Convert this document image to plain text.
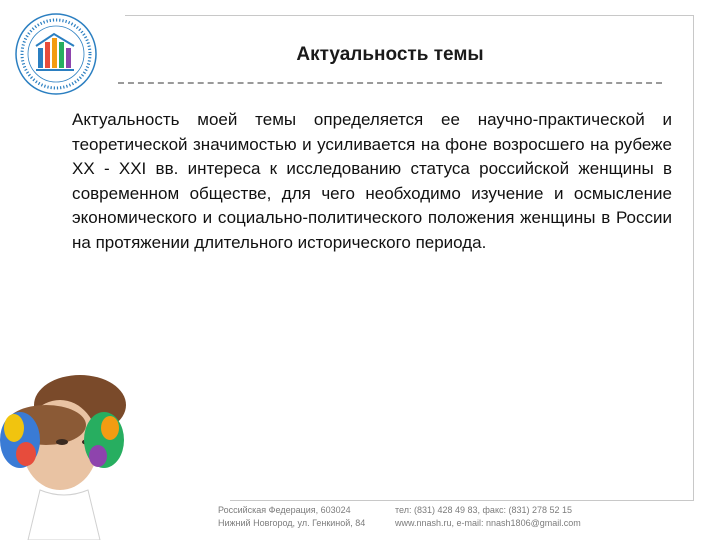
Актуальность темы
Актуальность моей темы определяется ее научно-практической и теоретической значимостью и усиливается на фоне возросшего на рубеже XX - XXI вв. интереса к исследованию статуса российской женщины в современном обществе, для чего необходимо изучение и осмысление экономического и социально-политического положения женщины в России на протяжении длительного исторического периода.
Российская Федерация, 603024
Нижний Новгород, ул. Генкиной, 84
тел: (831) 428 49 83, факс: (831) 278 52 15
www.nnash.ru, e-mail: nnash1806@gmail.com
